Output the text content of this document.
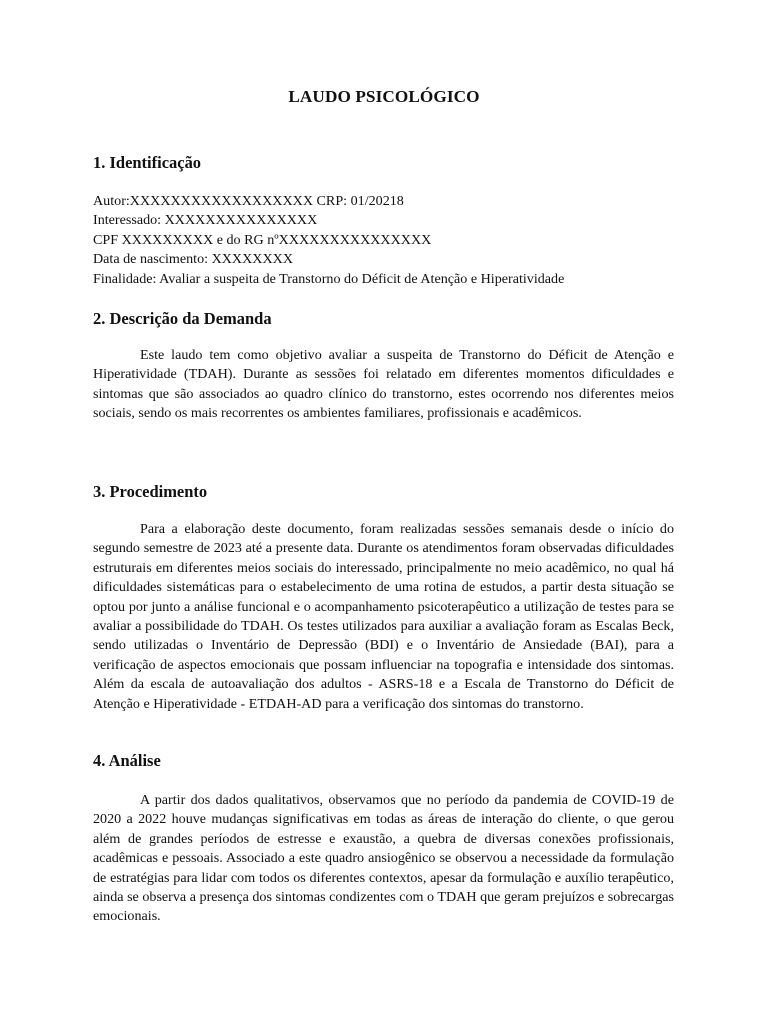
LAUDO PSICOLÓGICO
1. Identificação
Autor:XXXXXXXXXXXXXXXXXX CRP: 01/20218
Interessado: XXXXXXXXXXXXXXX
CPF XXXXXXXXX e do RG nºXXXXXXXXXXXXXXX
Data de nascimento: XXXXXXXX
Finalidade: Avaliar a suspeita de Transtorno do Déficit de Atenção e Hiperatividade
2. Descrição da Demanda

Este laudo tem como objetivo avaliar a suspeita de Transtorno do Déficit de Atenção e Hiperatividade (TDAH). Durante as sessões foi relatado em diferentes momentos dificuldades e sintomas que são associados ao quadro clínico do transtorno, estes ocorrendo nos diferentes meios sociais, sendo os mais recorrentes os ambientes familiares, profissionais e acadêmicos.

3. Procedimento

Para a elaboração deste documento, foram realizadas sessões semanais desde o início do segundo semestre de 2023 até a presente data. Durante os atendimentos foram observadas dificuldades estruturais em diferentes meios sociais do interessado, principalmente no meio acadêmico, no qual há dificuldades sistemáticas para o estabelecimento de uma rotina de estudos, a partir desta situação se optou por junto a análise funcional e o acompanhamento psicoterapêutico a utilização de testes para se avaliar a possibilidade do TDAH. Os testes utilizados para auxiliar a avaliação foram as Escalas Beck, sendo utilizadas o Inventário de Depressão (BDI) e o Inventário de Ansiedade (BAI), para a verificação de aspectos emocionais que possam influenciar na topografia e intensidade dos sintomas. Além da escala de autoavaliação dos adultos - ASRS-18 e a Escala de Transtorno do Déficit de Atenção e Hiperatividade - ETDAH-AD para a verificação dos sintomas do transtorno.

4. Análise

A partir dos dados qualitativos, observamos que no período da pandemia de COVID-19 de 2020 a 2022 houve mudanças significativas em todas as áreas de interação do cliente, o que gerou além de grandes períodos de estresse e exaustão, a quebra de diversas conexões profissionais, acadêmicas e pessoais. Associado a este quadro ansiogênico se observou a necessidade da formulação de estratégias para lidar com todos os diferentes contextos, apesar da formulação e auxílio terapêutico, ainda se observa a presença dos sintomas condizentes com o TDAH que geram prejuízos e sobrecargas emocionais.
